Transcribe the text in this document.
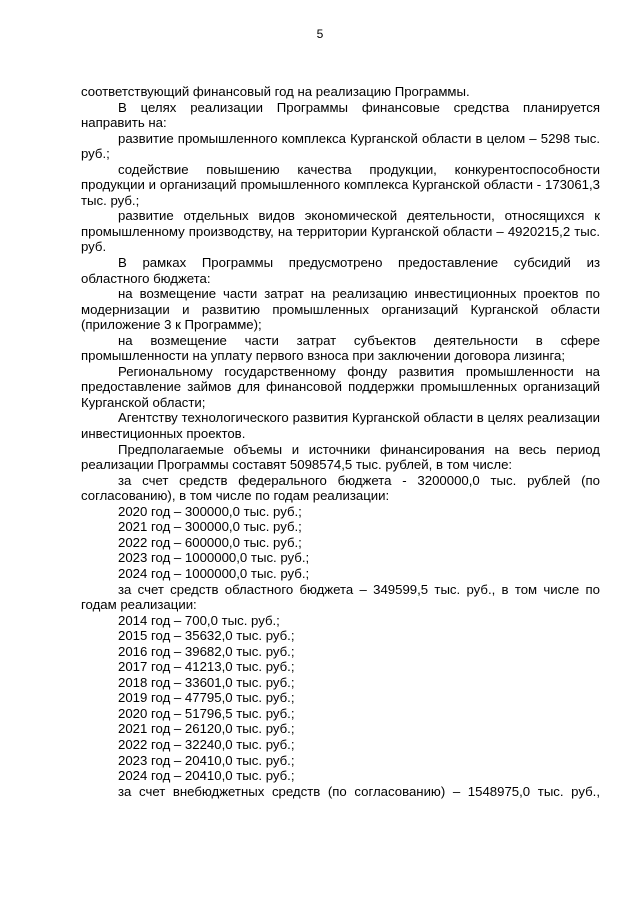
5

соответствующий финансовый год на реализацию Программы.

В целях реализации Программы финансовые средства планируется направить на:

развитие промышленного комплекса Курганской области в целом – 5298 тыс. руб.;

содействие повышению качества продукции, конкурентоспособности продукции и организаций промышленного комплекса Курганской области - 173061,3 тыс. руб.;

развитие отдельных видов экономической деятельности, относящихся к промышленному производству, на территории Курганской области – 4920215,2 тыс. руб.

В рамках Программы предусмотрено предоставление субсидий из областного бюджета:

на возмещение части затрат на реализацию инвестиционных проектов по модернизации и развитию промышленных организаций Курганской области (приложение 3 к Программе);

на возмещение части затрат субъектов деятельности в сфере промышленности на уплату первого взноса при заключении договора лизинга;

Региональному государственному фонду развития промышленности на предоставление займов для финансовой поддержки промышленных организаций Курганской области;

Агентству технологического развития Курганской области в целях реализации инвестиционных проектов.

Предполагаемые объемы и источники финансирования на весь период реализации Программы составят 5098574,5 тыс. рублей, в том числе:

за счет средств федерального бюджета - 3200000,0 тыс. рублей (по согласованию), в том числе по годам реализации:

2020 год – 300000,0 тыс. руб.;

2021 год – 300000,0 тыс. руб.;

2022 год – 600000,0 тыс. руб.;

2023 год – 1000000,0 тыс. руб.;

2024 год – 1000000,0 тыс. руб.;

за счет средств областного бюджета – 349599,5 тыс. руб., в том числе по годам реализации:

2014 год – 700,0 тыс. руб.;

2015 год – 35632,0 тыс. руб.;

2016 год – 39682,0 тыс. руб.;

2017 год – 41213,0 тыс. руб.;

2018 год – 33601,0 тыс. руб.;

2019 год – 47795,0 тыс. руб.;

2020 год – 51796,5 тыс. руб.;

2021 год – 26120,0 тыс. руб.;

2022 год – 32240,0 тыс. руб.;

2023 год – 20410,0 тыс. руб.;

2024 год – 20410,0 тыс. руб.;

за счет внебюджетных средств (по согласованию) – 1548975,0 тыс. руб.,
